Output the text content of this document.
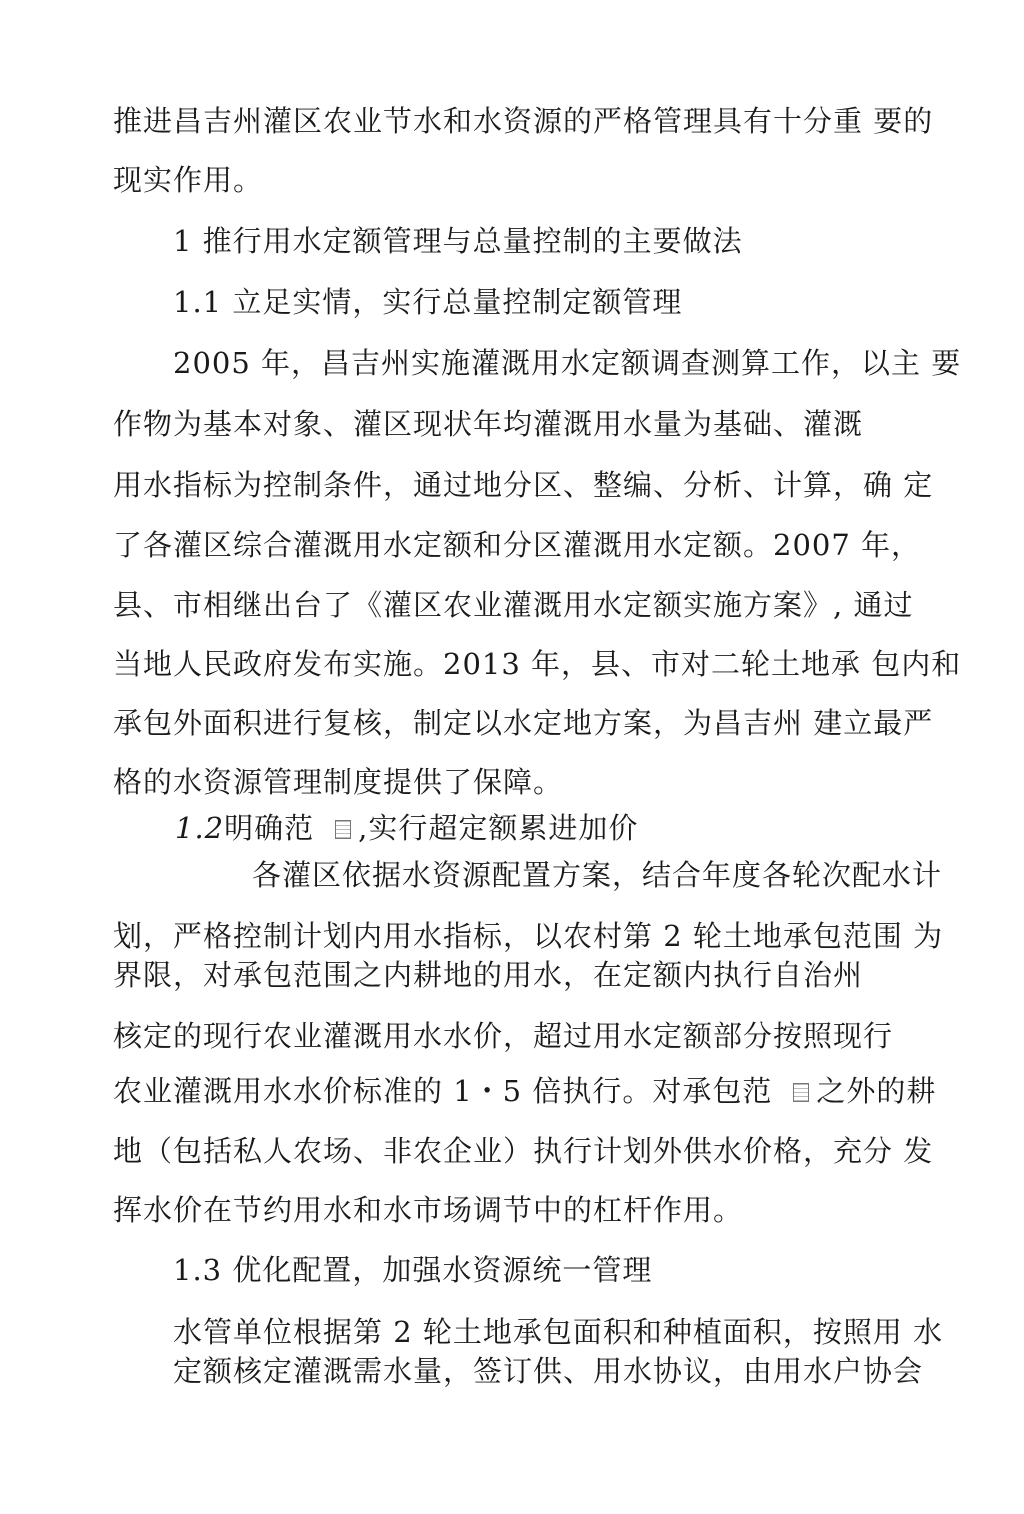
推进昌吉州灌区农业节水和水资源的严格管理具有十分重 要的
现实作用。
1 推行用水定额管理与总量控制的主要做法
1.1 立足实情，实行总量控制定额管理
2005 年，昌吉州实施灌溉用水定额调查测算工作，以主 要
作物为基本对象、灌区现状年均灌溉用水量为基础、灌溉
用水指标为控制条件，通过地分区、整编、分析、计算，确 定
了各灌区综合灌溉用水定额和分区灌溉用水定额。2007 年，
县、市相继出台了《灌区农业灌溉用水定额实施方案》, 通过
当地人民政府发布实施。2013 年，县、市对二轮土地承 包内和
承包外面积进行复核，制定以水定地方案，为昌吉州 建立最严
格的水资源管理制度提供了保障。
1.2明确范 ,实行超定额累进加价
各灌区依据水资源配置方案，结合年度各轮次配水计
划，严格控制计划内用水指标，以农村第 2 轮土地承包范围 为
界限，对承包范围之内耕地的用水，在定额内执行自治州
核定的现行农业灌溉用水水价，超过用水定额部分按照现行
农业灌溉用水水价标准的 1・5 倍执行。对承包范 之外的耕
地（包括私人农场、非农企业）执行计划外供水价格，充分 发
挥水价在节约用水和水市场调节中的杠杆作用。
1.3 优化配置，加强水资源统一管理
水管单位根据第 2 轮土地承包面积和种植面积，按照用 水
定额核定灌溉需水量，签订供、用水协议，由用水户协会
